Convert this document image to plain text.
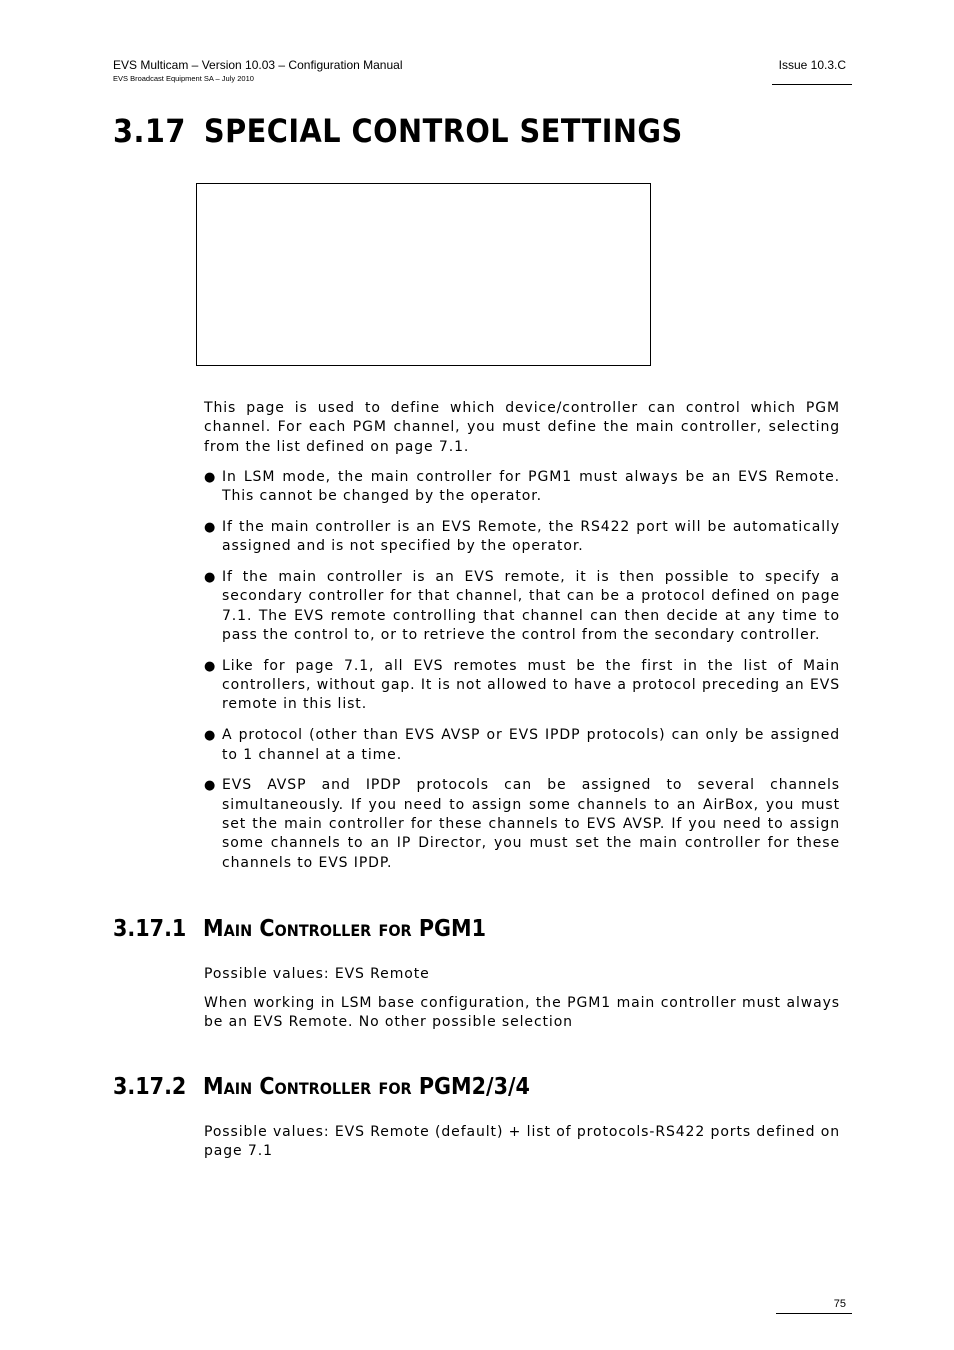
EVS Multicam – Version 10.03 – Configuration Manual
EVS Broadcast Equipment SA – July 2010
Issue 10.3.C
3.17 SPECIAL CONTROL SETTINGS

This page is used to define which device/controller can control which PGM channel. For each PGM channel, you must define the main controller, selecting from the list defined on page 7.1.

● In LSM mode, the main controller for PGM1 must always be an EVS Remote. This cannot be changed by the operator.
● If the main controller is an EVS Remote, the RS422 port will be automatically assigned and is not specified by the operator.
● If the main controller is an EVS remote, it is then possible to specify a secondary controller for that channel, that can be a protocol defined on page 7.1. The EVS remote controlling that channel can then decide at any time to pass the control to, or to retrieve the control from the secondary controller.
● Like for page 7.1, all EVS remotes must be the first in the list of Main controllers, without gap. It is not allowed to have a protocol preceding an EVS remote in this list.
● A protocol (other than EVS AVSP or EVS IPDP protocols) can only be assigned to 1 channel at a time.
● EVS AVSP and IPDP protocols can be assigned to several channels simultaneously. If you need to assign some channels to an AirBox, you must set the main controller for these channels to EVS AVSP. If you need to assign some channels to an IP Director, you must set the main controller for these channels to EVS IPDP.
3.17.1 Main Controller for PGM1

Possible values: EVS Remote

When working in LSM base configuration, the PGM1 main controller must always be an EVS Remote. No other possible selection

3.17.2 Main Controller for PGM2/3/4

Possible values: EVS Remote (default) + list of protocols-RS422 ports defined on page 7.1

75
